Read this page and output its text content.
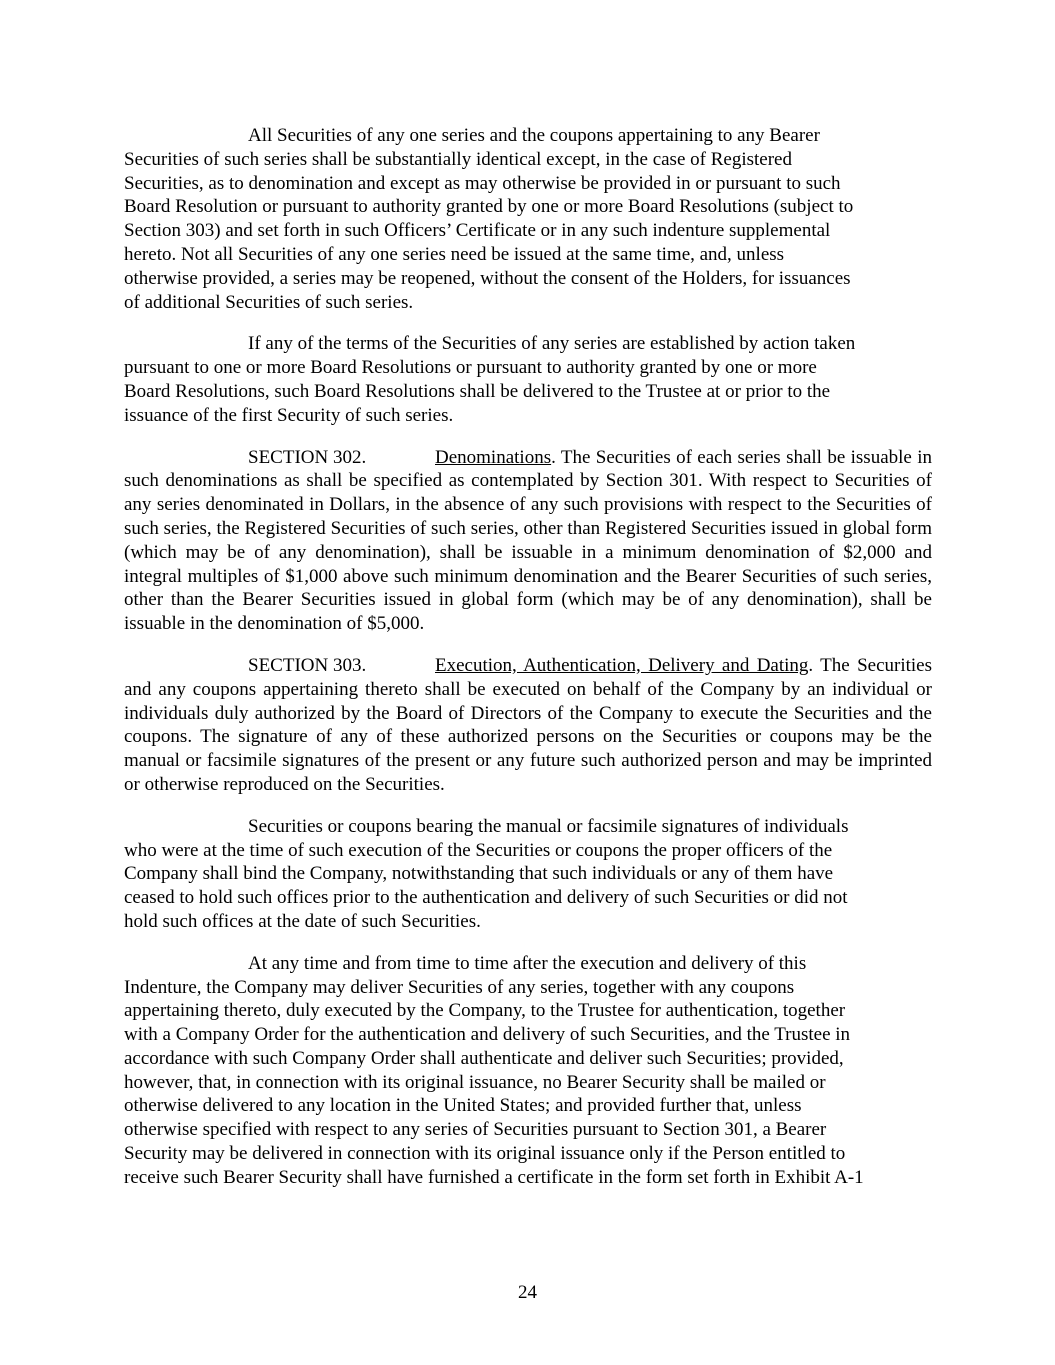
All Securities of any one series and the coupons appertaining to any Bearer
Securities of such series shall be substantially identical except, in the case of Registered
Securities, as to denomination and except as may otherwise be provided in or pursuant to such
Board Resolution or pursuant to authority granted by one or more Board Resolutions (subject to
Section 303) and set forth in such Officers’ Certificate or in any such indenture supplemental
hereto. Not all Securities of any one series need be issued at the same time, and, unless
otherwise provided, a series may be reopened, without the consent of the Holders, for issuances
of additional Securities of such series.

If any of the terms of the Securities of any series are established by action taken
pursuant to one or more Board Resolutions or pursuant to authority granted by one or more
Board Resolutions, such Board Resolutions shall be delivered to the Trustee at or prior to the
issuance of the first Security of such series.

SECTION 302.	Denominations. The Securities of each series shall be issuable in such denominations as shall be specified as contemplated by Section 301. With respect to Securities of any series denominated in Dollars, in the absence of any such provisions with respect to the Securities of such series, the Registered Securities of such series, other than Registered Securities issued in global form (which may be of any denomination), shall be issuable in a minimum denomination of $2,000 and integral multiples of $1,000 above such minimum denomination and the Bearer Securities of such series, other than the Bearer Securities issued in global form (which may be of any denomination), shall be issuable in the denomination of $5,000.

SECTION 303.	Execution, Authentication, Delivery and Dating. The Securities and any coupons appertaining thereto shall be executed on behalf of the Company by an individual or individuals duly authorized by the Board of Directors of the Company to execute the Securities and the coupons. The signature of any of these authorized persons on the Securities or coupons may be the manual or facsimile signatures of the present or any future such authorized person and may be imprinted or otherwise reproduced on the Securities.

Securities or coupons bearing the manual or facsimile signatures of individuals
who were at the time of such execution of the Securities or coupons the proper officers of the
Company shall bind the Company, notwithstanding that such individuals or any of them have
ceased to hold such offices prior to the authentication and delivery of such Securities or did not
hold such offices at the date of such Securities.

At any time and from time to time after the execution and delivery of this
Indenture, the Company may deliver Securities of any series, together with any coupons
appertaining thereto, duly executed by the Company, to the Trustee for authentication, together
with a Company Order for the authentication and delivery of such Securities, and the Trustee in
accordance with such Company Order shall authenticate and deliver such Securities; provided,
however, that, in connection with its original issuance, no Bearer Security shall be mailed or
otherwise delivered to any location in the United States; and provided further that, unless
otherwise specified with respect to any series of Securities pursuant to Section 301, a Bearer
Security may be delivered in connection with its original issuance only if the Person entitled to
receive such Bearer Security shall have furnished a certificate in the form set forth in Exhibit A-1

24
